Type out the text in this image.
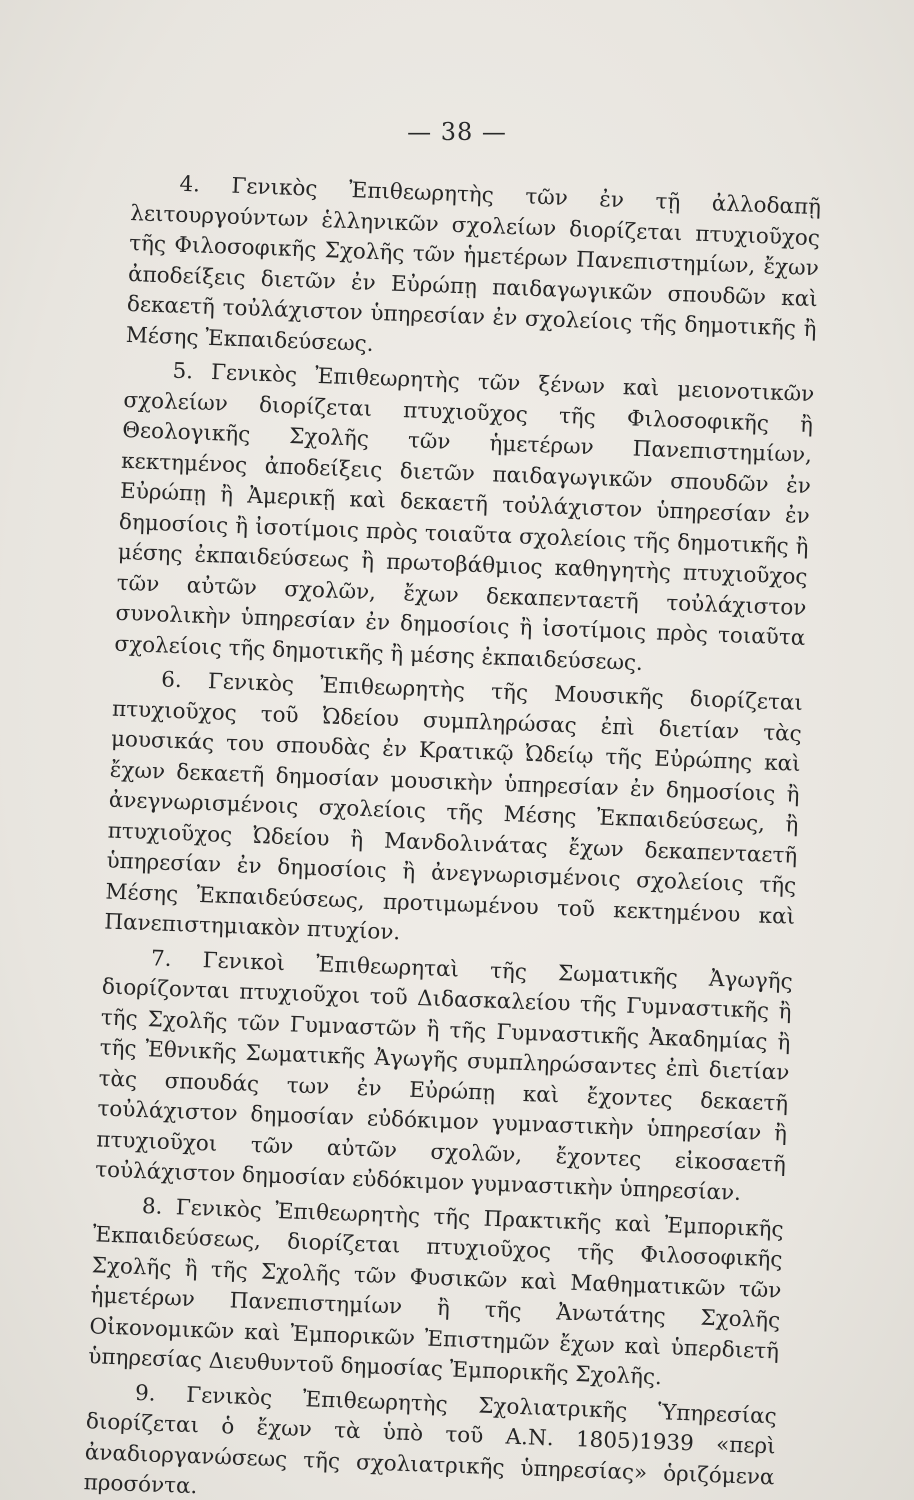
— 38 —

4. Γενικὸς Ἐπιθεωρητὴς τῶν ἐν τῇ ἀλλοδαπῇ λειτουργούντων ἑλληνικῶν σχολείων διορίζεται πτυχιοῦχος τῆς Φιλοσοφικῆς Σχολῆς τῶν ἡμετέρων Πανεπιστημίων, ἔχων ἀποδείξεις διετῶν ἐν Εὐρώπῃ παιδαγωγικῶν σπουδῶν καὶ δεκαετῆ τοὐλάχιστον ὑπηρεσίαν ἐν σχολείοις τῆς δημοτικῆς ἢ Μέσης Ἐκπαιδεύσεως.

5. Γενικὸς Ἐπιθεωρητὴς τῶν ξένων καὶ μειονοτικῶν σχολείων διορίζεται πτυχιοῦχος τῆς Φιλοσοφικῆς ἢ Θεολογικῆς Σχολῆς τῶν ἡμετέρων Πανεπιστημίων, κεκτημένος ἀποδείξεις διετῶν παιδαγωγικῶν σπουδῶν ἐν Εὐρώπῃ ἢ Ἀμερικῇ καὶ δεκαετῆ τοὐλάχιστον ὑπηρεσίαν ἐν δημοσίοις ἢ ἰσοτίμοις πρὸς τοιαῦτα σχολείοις τῆς δημοτικῆς ἢ μέσης ἐκπαιδεύσεως ἢ πρωτοβάθμιος καθηγητὴς πτυχιοῦχος τῶν αὐτῶν σχολῶν, ἔχων δεκαπενταετῆ τοὐλάχιστον συνολικὴν ὑπηρεσίαν ἐν δημοσίοις ἢ ἰσοτίμοις πρὸς τοιαῦτα σχολείοις τῆς δημοτικῆς ἢ μέσης ἐκπαιδεύσεως.

6. Γενικὸς Ἐπιθεωρητὴς τῆς Μουσικῆς διορίζεται πτυχιοῦχος τοῦ Ὠδείου συμπληρώσας ἐπὶ διετίαν τὰς μουσικάς του σπουδὰς ἐν Κρατικῷ Ὠδείῳ τῆς Εὐρώπης καὶ ἔχων δεκαετῆ δημοσίαν μουσικὴν ὑπηρεσίαν ἐν δημοσίοις ἢ ἀνεγνωρισμένοις σχολείοις τῆς Μέσης Ἐκπαιδεύσεως, ἢ πτυχιοῦχος Ὠδείου ἢ Μανδολινάτας ἔχων δεκαπενταετῆ ὑπηρεσίαν ἐν δημοσίοις ἢ ἀνεγνωρισμένοις σχολείοις τῆς Μέσης Ἐκπαιδεύσεως, προτιμωμένου τοῦ κεκτημένου καὶ Πανεπιστημιακὸν πτυχίον.

7. Γενικοὶ Ἐπιθεωρηταὶ τῆς Σωματικῆς Ἀγωγῆς διορίζονται πτυχιοῦχοι τοῦ Διδασκαλείου τῆς Γυμναστικῆς ἢ τῆς Σχολῆς τῶν Γυμναστῶν ἢ τῆς Γυμναστικῆς Ἀκαδημίας ἢ τῆς Ἐθνικῆς Σωματικῆς Ἀγωγῆς συμπληρώσαντες ἐπὶ διετίαν τὰς σπουδάς των ἐν Εὐρώπῃ καὶ ἔχοντες δεκαετῆ τοὐλάχιστον δημοσίαν εὐδόκιμον γυμναστικὴν ὑπηρεσίαν ἢ πτυχιοῦχοι τῶν αὐτῶν σχολῶν, ἔχοντες εἰκοσαετῆ τοὐλάχιστον δημοσίαν εὐδόκιμον γυμναστικὴν ὑπηρεσίαν.

8. Γενικὸς Ἐπιθεωρητὴς τῆς Πρακτικῆς καὶ Ἐμπορικῆς Ἐκπαιδεύσεως, διορίζεται πτυχιοῦχος τῆς Φιλοσοφικῆς Σχολῆς ἢ τῆς Σχολῆς τῶν Φυσικῶν καὶ Μαθηματικῶν τῶν ἡμετέρων Πανεπιστημίων ἢ τῆς Ἀνωτάτης Σχολῆς Οἰκονομικῶν καὶ Ἐμπορικῶν Ἐπιστημῶν ἔχων καὶ ὑπερδιετῆ ὑπηρεσίας Διευθυντοῦ δημοσίας Ἐμπορικῆς Σχολῆς.

9. Γενικὸς Ἐπιθεωρητὴς Σχολιατρικῆς Ὑπηρεσίας διορίζεται ὁ ἔχων τὰ ὑπὸ τοῦ Α.Ν. 1805)1939 «περὶ ἀναδιοργανώσεως τῆς σχολιατρικῆς ὑπηρεσίας» ὁριζόμενα προσόντα.
